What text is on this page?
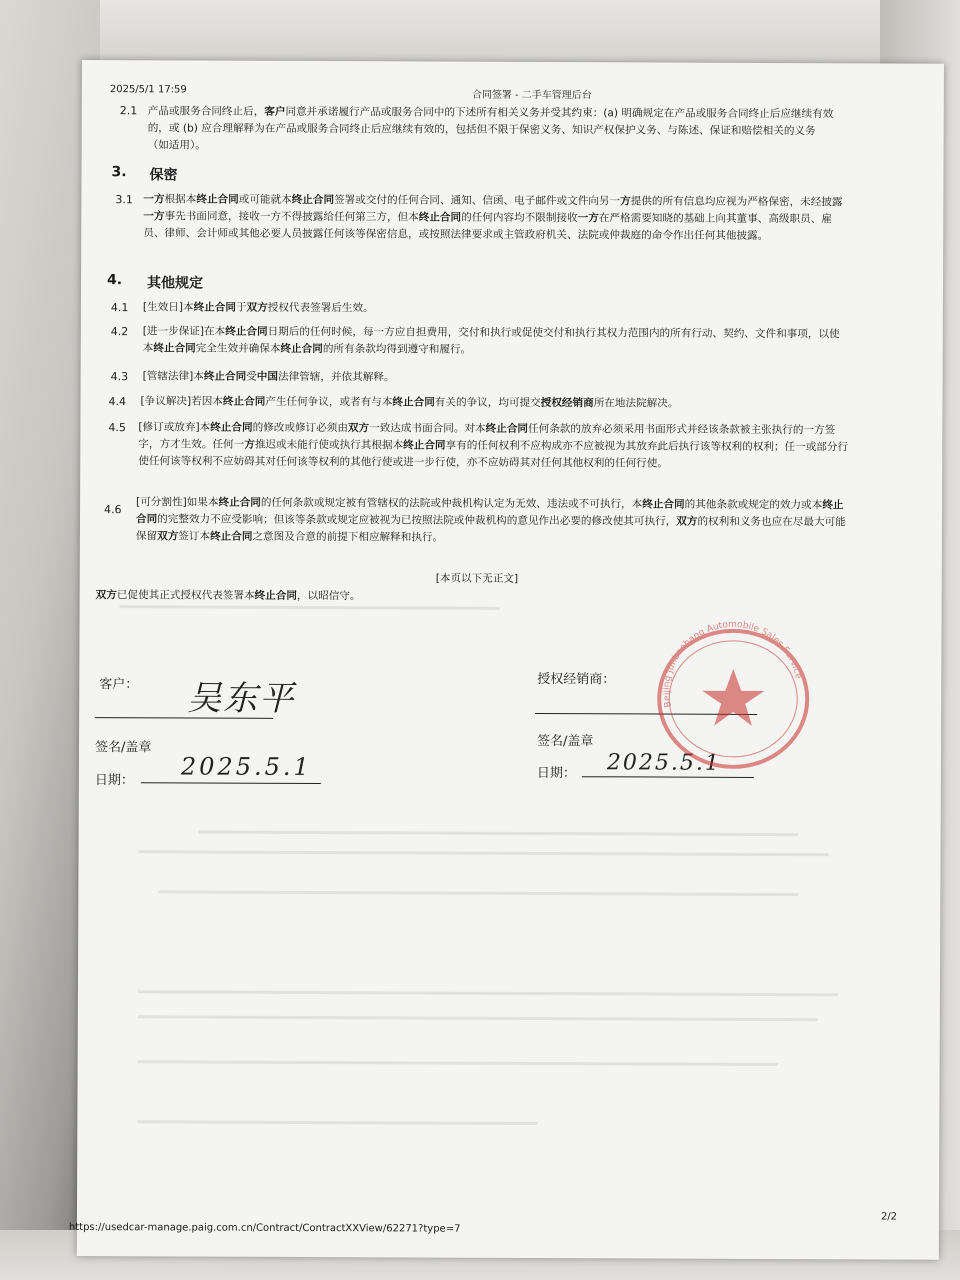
2025/5/1 17:59	合同签署 - 二手车管理后台
2.1 产品或服务合同终止后，客户同意并承诺履行产品或服务合同中的下述所有相关义务并受其约束：(a) 明确规定在产品或服务合同终止后应继续有效的，或 (b) 应合理解释为在产品或服务合同终止后应继续有效的，包括但不限于保密义务、知识产权保护义务、与陈述、保证和赔偿相关的义务（如适用）。
3. 保密
3.1 一方根据本终止合同或可能就本终止合同签署或交付的任何合同、通知、信函、电子邮件或文件向另一方提供的所有信息均应视为严格保密，未经披露一方事先书面同意，接收一方不得披露给任何第三方，但本终止合同的任何内容均不限制接收一方在严格需要知晓的基础上向其董事、高级职员、雇员、律师、会计师或其他必要人员披露任何该等保密信息，或按照法律要求或主管政府机关、法院或仲裁庭的命令作出任何其他披露。
4. 其他规定
4.1 [生效日]本终止合同于双方授权代表签署后生效。
4.2 [进一步保证]在本终止合同日期后的任何时候，每一方应自担费用，交付和执行或促使交付和执行其权力范围内的所有行动、契约、文件和事项，以使本终止合同完全生效并确保本终止合同的所有条款均得到遵守和履行。
4.3 [管辖法律]本终止合同受中国法律管辖，并依其解释。
4.4 [争议解决]若因本终止合同产生任何争议，或者有与本终止合同有关的争议，均可提交授权经销商所在地法院解决。
4.5 [修订或放弃]本终止合同的修改或修订必须由双方一致达成书面合同。对本终止合同任何条款的放弃必须采用书面形式并经该条款被主张执行的一方签字，方才生效。任何一方推迟或未能行使或执行其根据本终止合同享有的任何权利不应构成亦不应被视为其放弃此后执行该等权利的权利；任一或部分行使任何该等权利不应妨碍其对任何该等权利的其他行使或进一步行使，亦不应妨碍其对任何其他权利的任何行使。
4.6
[可分割性]如果本终止合同的任何条款或规定被有管辖权的法院或仲裁机构认定为无效、违法或不可执行，本终止合同的其他条款或规定的效力或本终止合同的完整效力不应受影响；但该等条款或规定应被视为已按照法院或仲裁机构的意见作出必要的修改使其可执行，双方的权利和义务也应在尽最大可能保留双方签订本终止合同之意图及合意的前提下相应解释和执行。
[本页以下无正文]
双方已促使其正式授权代表签署本终止合同，以昭信守。
客户： 吴东平
签名/盖章
日期： 2025.5.1
授权经销商：
签名/盖章
日期： 2025.5.1
Beijing Junbaohang Automobile Sales Service
https://usedcar-manage.paig.com.cn/Contract/ContractXXView/62271?type=7
2/2
